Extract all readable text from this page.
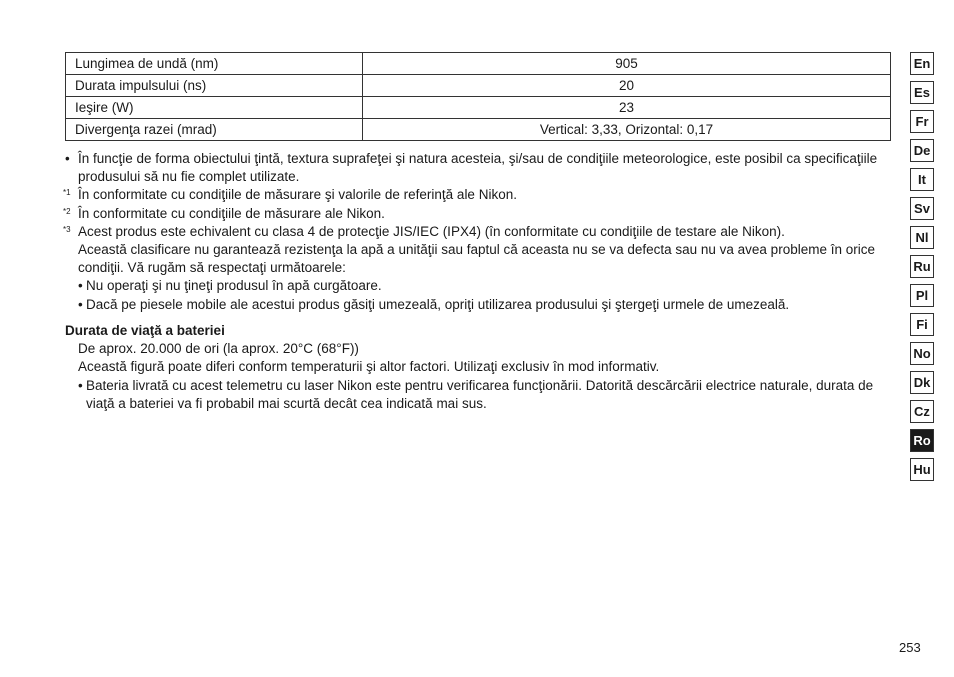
Lungimea de undă (nm)	905
Durata impulsului (ns)	20
Ieşire (W)	23
Divergenţa razei (mrad)	Vertical: 3,33, Orizontal: 0,17
• În funcţie de forma obiectului ţintă, textura suprafeţei şi natura acesteia, şi/sau de condiţiile meteorologice, este posibil ca specificaţiile produsului să nu fie complet utilizate.
*1 În conformitate cu condiţiile de măsurare şi valorile de referinţă ale Nikon.
*2 În conformitate cu condiţiile de măsurare ale Nikon.
*3 Acest produs este echivalent cu clasa 4 de protecţie JIS/IEC (IPX4) (în conformitate cu condiţiile de testare ale Nikon).
Această clasificare nu garantează rezistenţa la apă a unităţii sau faptul că aceasta nu se va defecta sau nu va avea probleme în orice condiţii. Vă rugăm să respectaţi următoarele:
• Nu operaţi şi nu ţineţi produsul în apă curgătoare.
• Dacă pe piesele mobile ale acestui produs găsiţi umezeală, opriţi utilizarea produsului şi ştergeţi urmele de umezeală.
Durata de viaţă a bateriei
De aprox. 20.000 de ori (la aprox. 20°C (68°F))
Această figură poate diferi conform temperaturii şi altor factori. Utilizaţi exclusiv în mod informativ.
• Bateria livrată cu acest telemetru cu laser Nikon este pentru verificarea funcţionării. Datorită descărcării electrice naturale, durata de viaţă a bateriei va fi probabil mai scurtă decât cea indicată mai sus.
En
Es
Fr
De
It
Sv
Nl
Ru
Pl
Fi
No
Dk
Cz
Ro
Hu
253
